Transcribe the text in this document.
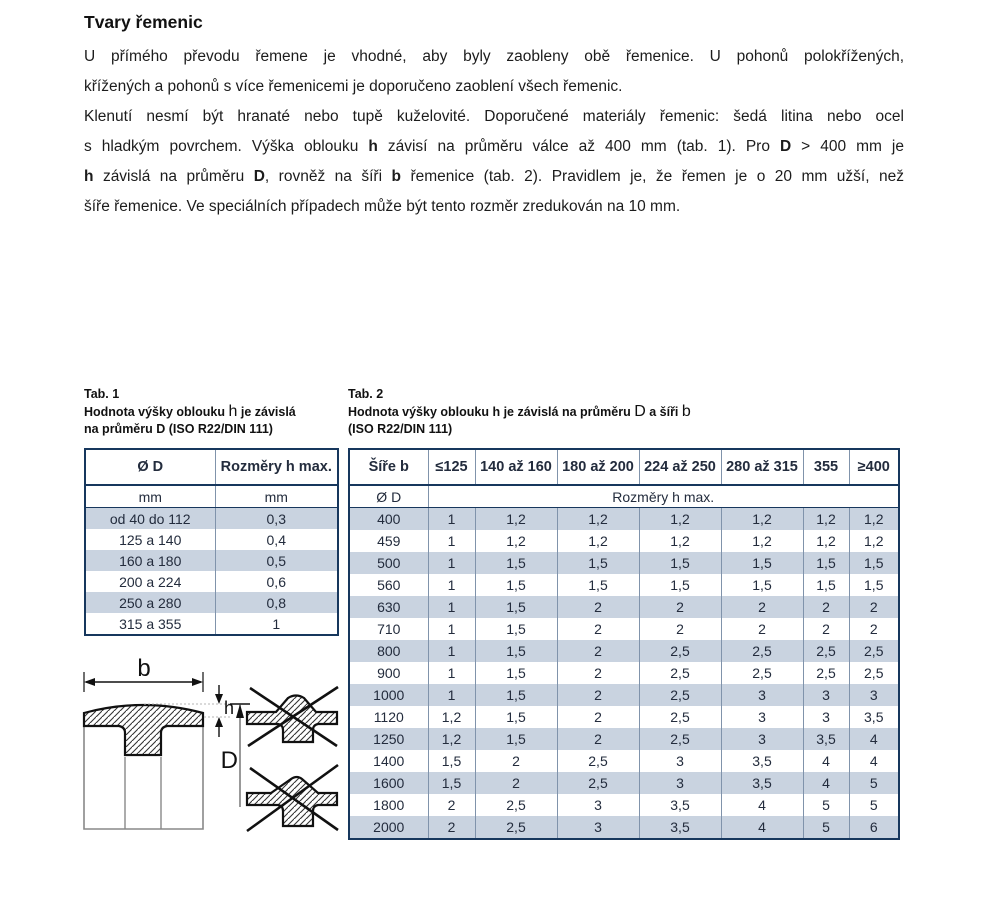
Tvary řemenic
U přímého převodu řemene je vhodné, aby byly zaobleny obě řemenice. U pohonů polokřížených,
křížených a pohonů s více řemenicemi je doporučeno zaoblení všech řemenic.
Klenutí nesmí být hranaté nebo tupě kuželovité. Doporučené materiály řemenic: šedá litina nebo ocel
s hladkým povrchem. Výška oblouku h závisí na průměru válce až 400 mm (tab. 1). Pro D > 400 mm je
h závislá na průměru D, rovněž na šíři b řemenice (tab. 2). Pravidlem je, že řemen je o 20 mm užší, než
šíře řemenice. Ve speciálních případech může být tento rozměr zredukován na 10 mm.
Tab. 1
Hodnota výšky oblouku h je závislá
na průměru D (ISO R22/DIN 111)
Tab. 2
Hodnota výšky oblouku h je závislá na průměru D a šíři b
(ISO R22/DIN 111)
Ø D	Rozměry h max.
mm	mm
od 40 do 112	0,3
125 a 140	0,4
160 a 180	0,5
200 a 224	0,6
250 a 280	0,8
315 a 355	1
Šíře b	≤125	140 až 160	180 až 200	224 až 250	280 až 315	355	≥400
Ø D	Rozměry h max.						
400	1	1,2	1,2	1,2	1,2	1,2	1,2
459	1	1,2	1,2	1,2	1,2	1,2	1,2
500	1	1,5	1,5	1,5	1,5	1,5	1,5
560	1	1,5	1,5	1,5	1,5	1,5	1,5
630	1	1,5	2	2	2	2	2
710	1	1,5	2	2	2	2	2
800	1	1,5	2	2,5	2,5	2,5	2,5
900	1	1,5	2	2,5	2,5	2,5	2,5
1000	1	1,5	2	2,5	3	3	3
1120	1,2	1,5	2	2,5	3	3	3,5
1250	1,2	1,5	2	2,5	3	3,5	4
1400	1,5	2	2,5	3	3,5	4	4
1600	1,5	2	2,5	3	3,5	4	5
1800	2	2,5	3	3,5	4	5	5
2000	2	2,5	3	3,5	4	5	6
b
h
D
